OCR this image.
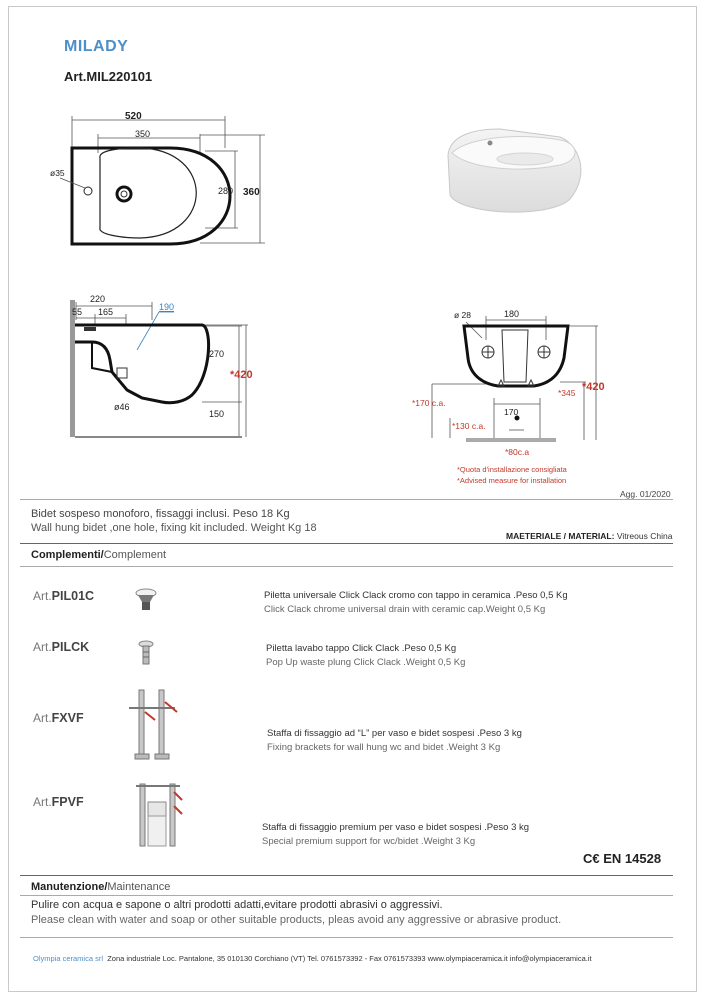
MILADY
Art.MIL220101
520
350
ø35
280 360
220
55 165	190
270
*420
ø46
150
ø 28	180
*420
*345
*170 c.a.
170
*130 c.a.
*80c.a
*Quota d'installazione consigliata
*Advised measure for installation
Agg. 01/2020
Bidet sospeso monoforo, fissaggi inclusi. Peso 18 Kg
Wall hung bidet ,one hole, fixing kit included. Weight Kg 18
MAETERIALE / MATERIAL: Vitreous China
Complementi/Complement
Art.PIL01C	Piletta universale Click Clack cromo con tappo in ceramica .Peso 0,5 Kg
Click Clack chrome universal drain with ceramic cap.Weight 0,5 Kg
Art.PILCK	Piletta lavabo tappo Click Clack .Peso 0,5 Kg
Pop Up waste plung Click Clack .Weight 0,5 Kg
Art.FXVF
Staffa di fissaggio ad “L” per vaso e bidet sospesi .Peso 3 kg
Fixing brackets for wall hung wc and bidet .Weight 3 Kg
Art.FPVF
Staffa di fissaggio premium per vaso e bidet sospesi .Peso 3 kg
Special premium support for wc/bidet .Weight 3 Kg
C€ EN 14528
Manutenzione/Maintenance
Pulire con acqua e sapone o altri prodotti adatti,evitare prodotti abrasivi o aggressivi.
Please clean with water and soap or other suitable products, pleas avoid any aggressive or abrasive product.
Olympia ceramica srl Zona industriale Loc. Pantalone, 35 010130 Corchiano (VT) Tel. 0761573392 - Fax 0761573393 www.olympiaceramica.it info@olympiaceramica.it
